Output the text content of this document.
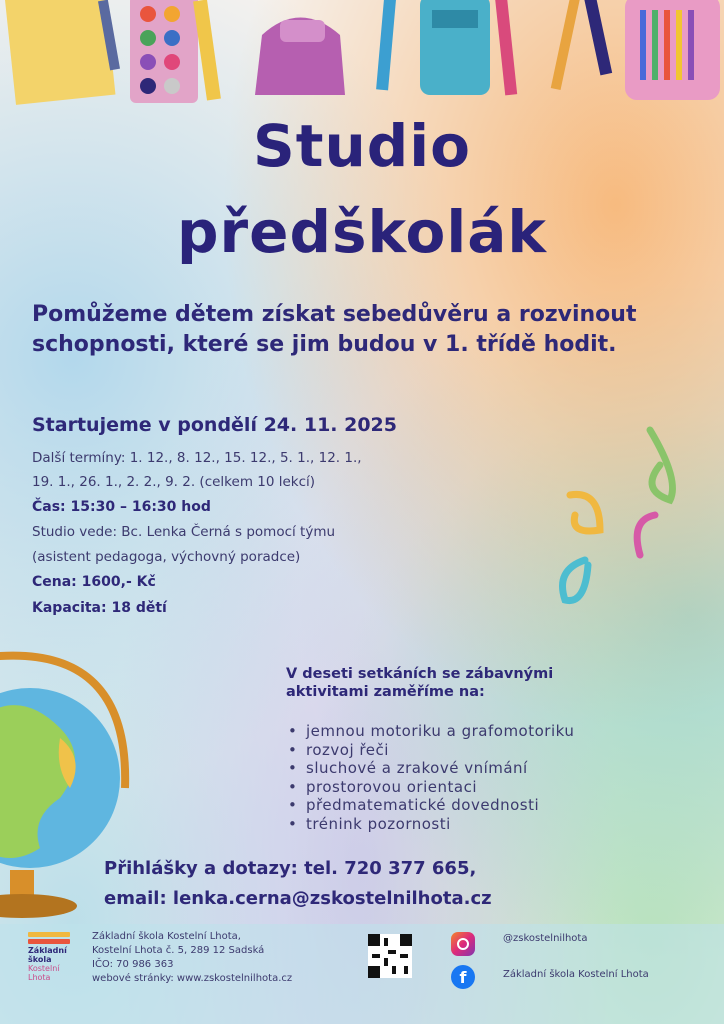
Studio
předškolák

Pomůžeme dětem získat sebedůvěru a rozvinout schopnosti, které se jim budou v 1. třídě hodit.

Startujeme v pondělí 24. 11. 2025

Další termíny: 1. 12., 8. 12., 15. 12., 5. 1., 12. 1.,

19. 1., 26. 1., 2. 2., 9. 2. (celkem 10 lekcí)

Čas: 15:30 – 16:30 hod

Studio vede: Bc. Lenka Černá s pomocí týmu

(asistent pedagoga, výchovný poradce)

Cena: 1600,- Kč

Kapacita: 18 dětí

V deseti setkáních se zábavnými
aktivitami zaměříme na:

• jemnou motoriku a grafomotoriku
• rozvoj řeči
• sluchové a zrakové vnímání
• prostorovou orientaci
• předmatematické dovednosti
• trénink pozornosti

Přihlášky a dotazy: tel. 720 377 665,

email: lenka.cerna@zskostelnilhota.cz

Základní
škola
Kostelní
Lhota

Základní škola Kostelní Lhota,

Kostelní Lhota č. 5, 289 12 Sadská

IČO: 70 986 363

webové stránky: www.zskostelnilhota.cz

@zskostelnilhota

f	Základní škola Kostelní Lhota
